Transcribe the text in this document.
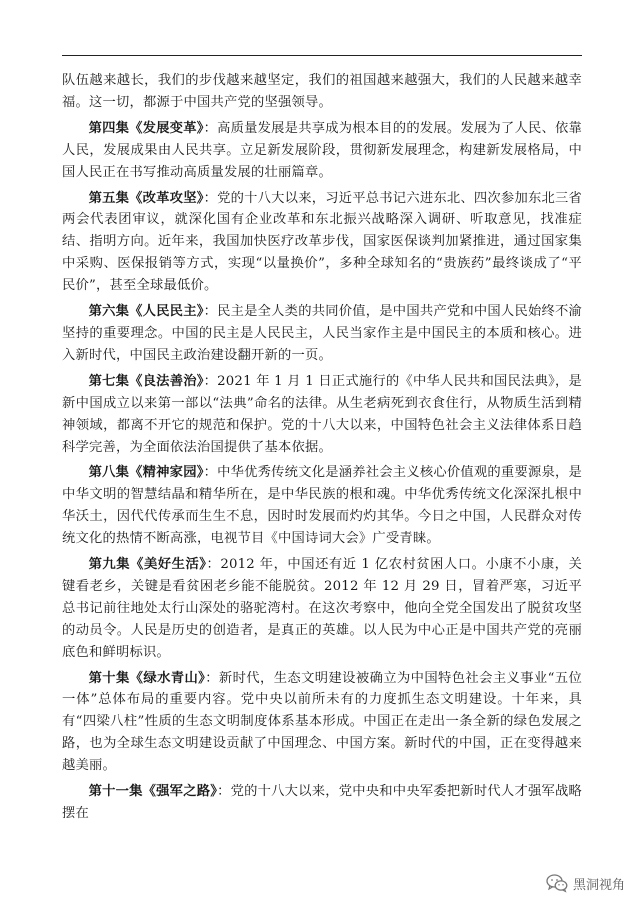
队伍越来越长，我们的步伐越来越坚定，我们的祖国越来越强大，我们的人民越来越幸福。这一切，都源于中国共产党的坚强领导。

第四集《发展变革》：高质量发展是共享成为根本目的的发展。发展为了人民、依靠人民，发展成果由人民共享。立足新发展阶段，贯彻新发展理念，构建新发展格局，中国人民正在书写推动高质量发展的壮丽篇章。

第五集《改革攻坚》：党的十八大以来，习近平总书记六进东北、四次参加东北三省两会代表团审议，就深化国有企业改革和东北振兴战略深入调研、听取意见，找准症结、指明方向。近年来，我国加快医疗改革步伐，国家医保谈判加紧推进，通过国家集中采购、医保报销等方式，实现“以量换价”，多种全球知名的“贵族药”最终谈成了“平民价”，甚至全球最低价。

第六集《人民民主》：民主是全人类的共同价值，是中国共产党和中国人民始终不渝坚持的重要理念。中国的民主是人民民主，人民当家作主是中国民主的本质和核心。进入新时代，中国民主政治建设翻开新的一页。

第七集《良法善治》：2021 年 1 月 1 日正式施行的《中华人民共和国民法典》，是新中国成立以来第一部以“法典”命名的法律。从生老病死到衣食住行，从物质生活到精神领域，都离不开它的规范和保护。党的十八大以来，中国特色社会主义法律体系日趋科学完善，为全面依法治国提供了基本依据。

第八集《精神家园》：中华优秀传统文化是涵养社会主义核心价值观的重要源泉，是中华文明的智慧结晶和精华所在，是中华民族的根和魂。中华优秀传统文化深深扎根中华沃土，因代代传承而生生不息，因时时发展而灼灼其华。今日之中国，人民群众对传统文化的热情不断高涨，电视节目《中国诗词大会》广受青睐。

第九集《美好生活》：2012 年，中国还有近 1 亿农村贫困人口。小康不小康，关键看老乡，关键是看贫困老乡能不能脱贫。2012 年 12 月 29 日，冒着严寒，习近平总书记前往地处太行山深处的骆驼湾村。在这次考察中，他向全党全国发出了脱贫攻坚的动员令。人民是历史的创造者，是真正的英雄。以人民为中心正是中国共产党的亮丽底色和鲜明标识。

第十集《绿水青山》：新时代，生态文明建设被确立为中国特色社会主义事业“五位一体”总体布局的重要内容。党中央以前所未有的力度抓生态文明建设。十年来，具有“四梁八柱”性质的生态文明制度体系基本形成。中国正在走出一条全新的绿色发展之路，也为全球生态文明建设贡献了中国理念、中国方案。新时代的中国，正在变得越来越美丽。

第十一集《强军之路》：党的十八大以来，党中央和中央军委把新时代人才强军战略摆在

黑洞视角
